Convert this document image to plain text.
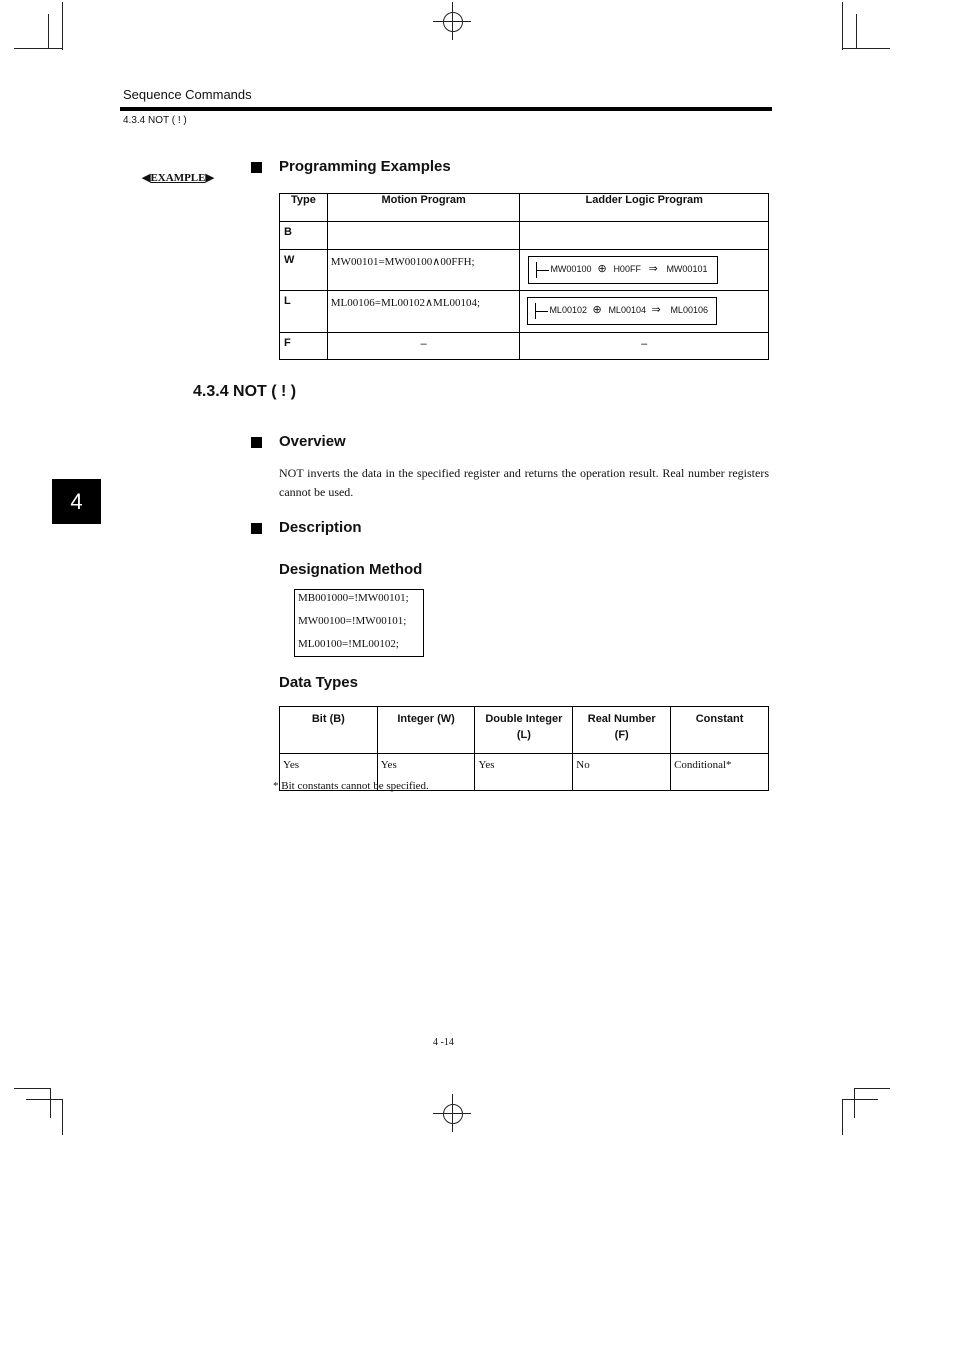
Sequence Commands
4.3.4 NOT ( ! )
◀EXAMPLE▶
Programming Examples
Type	Motion Program	Ladder Logic Program
B		
W	MW00101=MW00100∧00FFH;	MW00100 ⊕ H00FF ⇒ MW00101

L	ML00106=ML00102∧ML00104;	ML00102 ⊕ ML00104 ⇒ ML00106

F	–	–
4.3.4 NOT ( ! )
4
Overview
NOT inverts the data in the specified register and returns the operation result. Real number registers cannot be used.
Description
Designation Method
MB001000=!MW00101;
MW00100=!MW00101;
ML00100=!ML00102;
Data Types
Bit (B)	Integer (W)	Double Integer (L)	Real Number (F)	Constant
Yes	Yes	Yes	No	Conditional*
* Bit constants cannot be specified.
4 -14
